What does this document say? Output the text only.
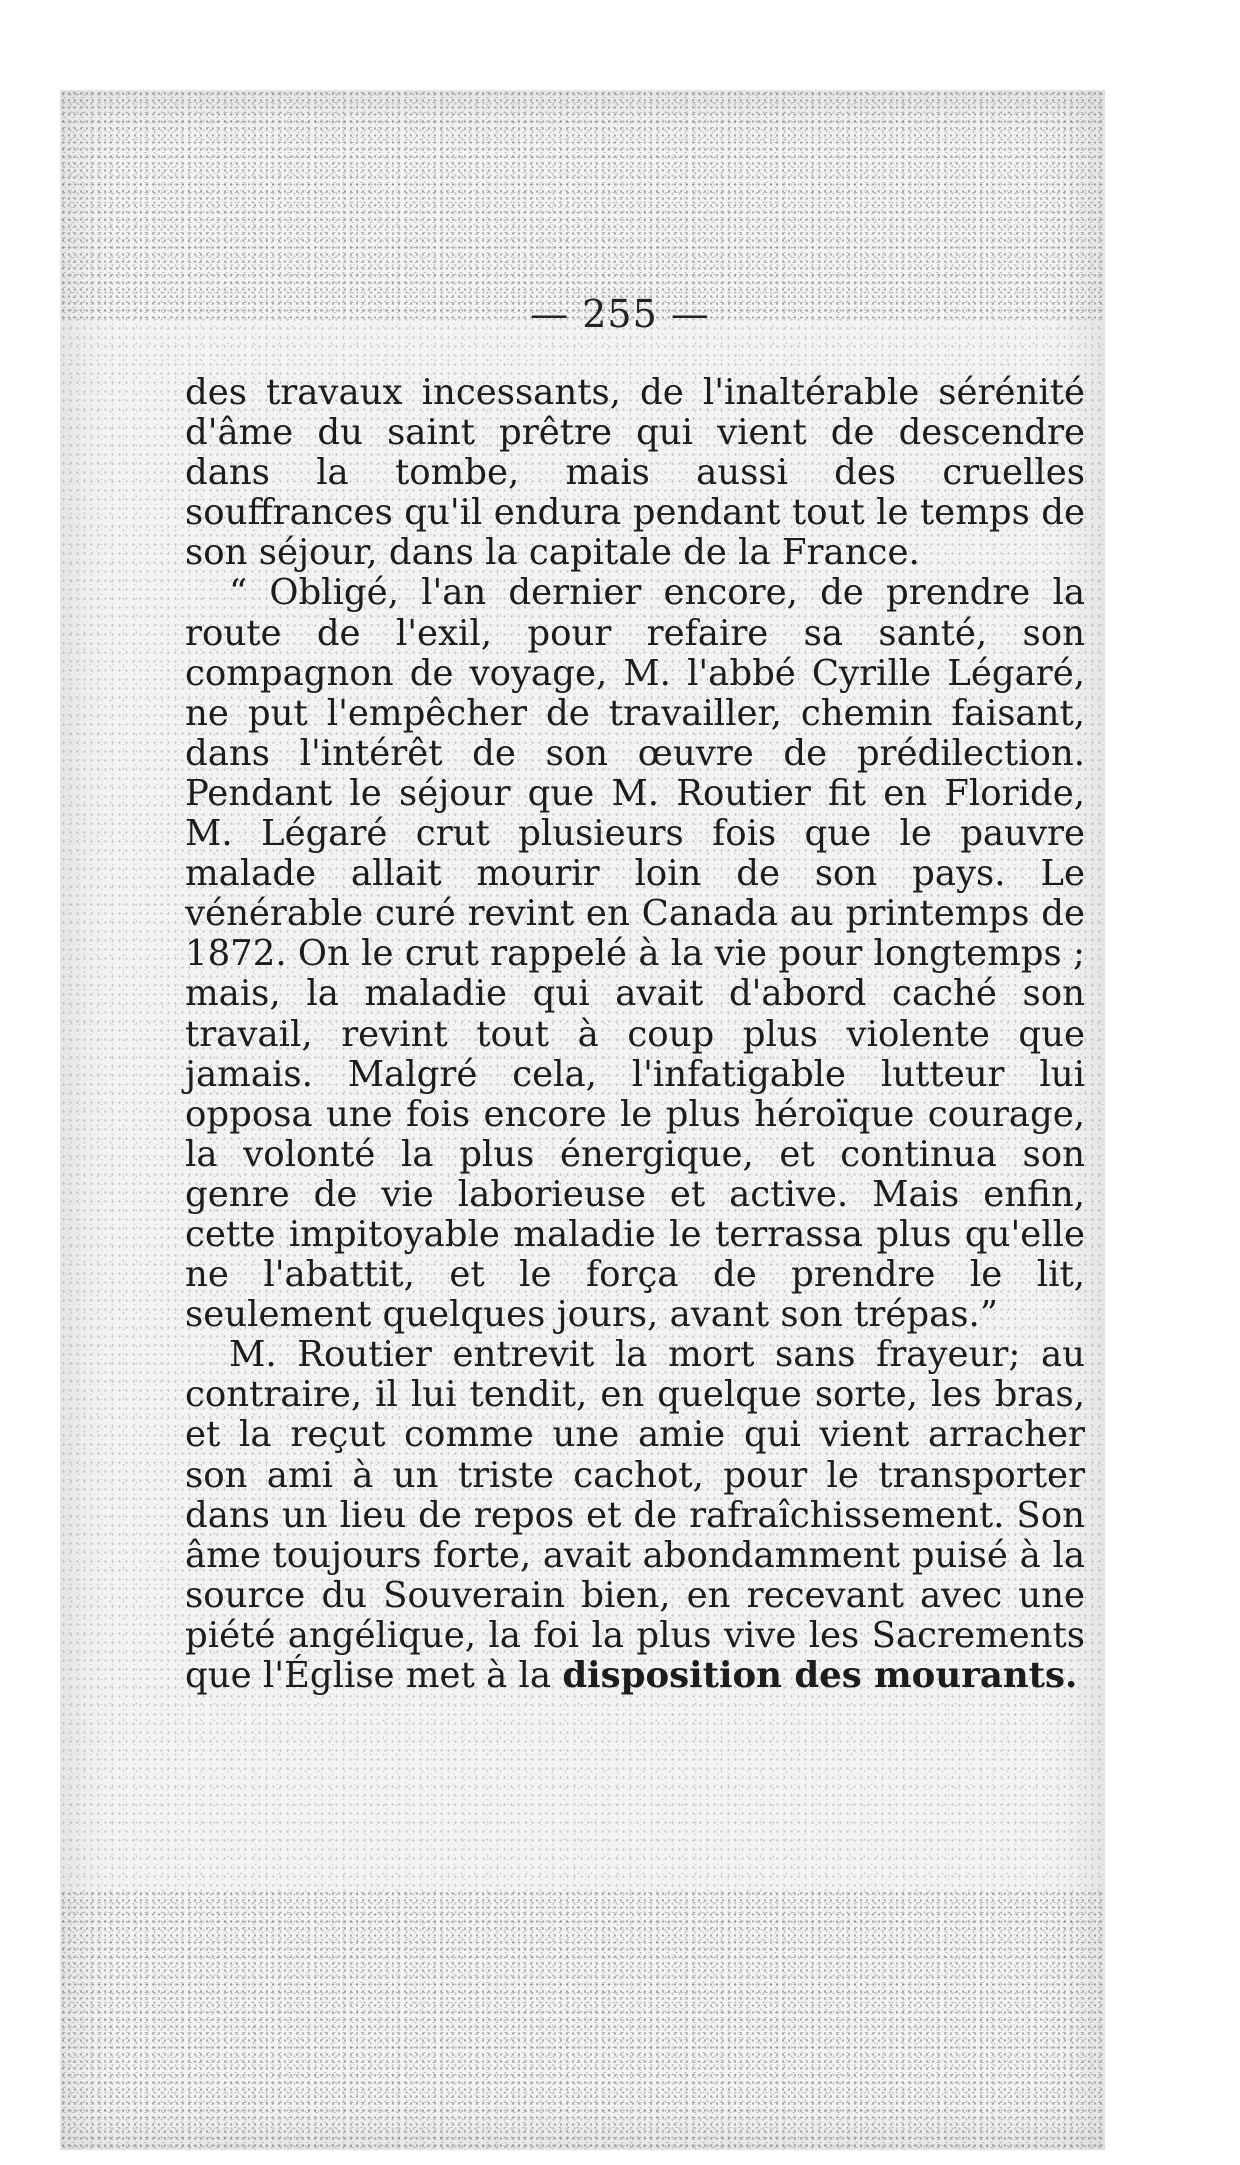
— 255 —

des travaux incessants, de l'inaltérable sérénité d'âme du saint prêtre qui vient de descendre dans la tombe, mais aussi des cruelles souffrances qu'il endura pendant tout le temps de son séjour, dans la capitale de la France.

“ Obligé, l'an dernier encore, de prendre la route de l'exil, pour refaire sa santé, son compagnon de voyage, M. l'abbé Cyrille Légaré, ne put l'empêcher de travailler, chemin faisant, dans l'intérêt de son œuvre de prédilection. Pendant le séjour que M. Routier fit en Floride, M. Légaré crut plusieurs fois que le pauvre malade allait mourir loin de son pays. Le vénérable curé revint en Canada au printemps de 1872. On le crut rappelé à la vie pour longtemps ; mais, la maladie qui avait d'abord caché son travail, revint tout à coup plus violente que jamais. Malgré cela, l'infatigable lutteur lui opposa une fois encore le plus héroïque courage, la volonté la plus énergique, et continua son genre de vie laborieuse et active. Mais enfin, cette impitoyable maladie le terrassa plus qu'elle ne l'abattit, et le força de prendre le lit, seulement quelques jours, avant son trépas.”

M. Routier entrevit la mort sans frayeur; au contraire, il lui tendit, en quelque sorte, les bras, et la reçut comme une amie qui vient arracher son ami à un triste cachot, pour le transporter dans un lieu de repos et de rafraîchissement. Son âme toujours forte, avait abondamment puisé à la source du Souverain bien, en recevant avec une piété angélique, la foi la plus vive les Sacrements que l'Église met à la disposition des mourants.
